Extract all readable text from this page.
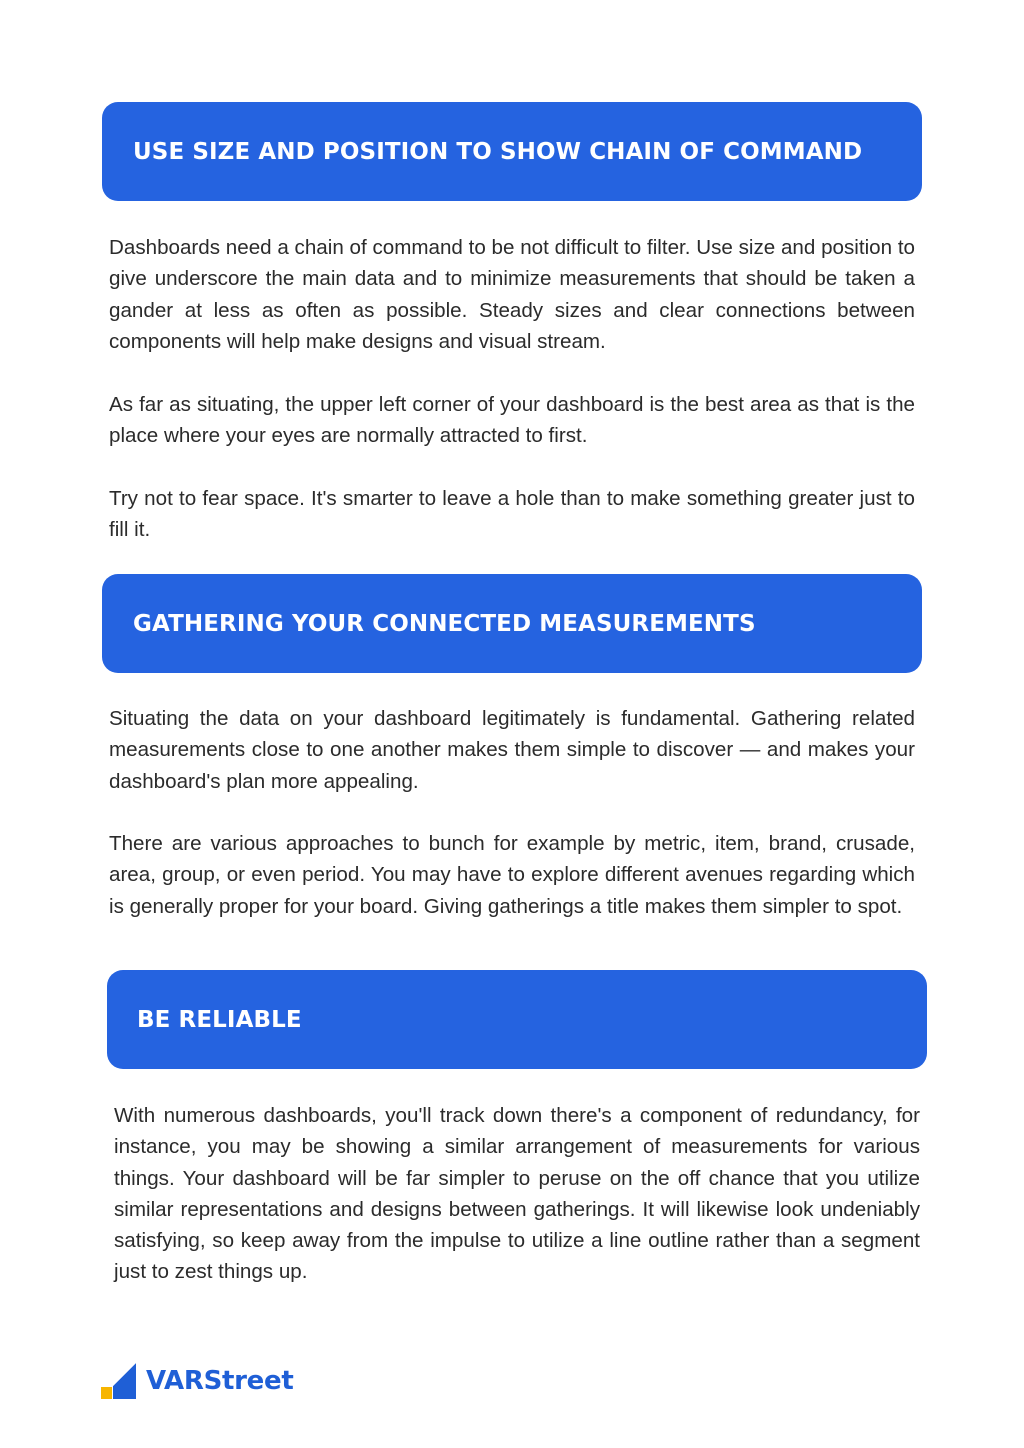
USE SIZE AND POSITION TO SHOW CHAIN OF COMMAND

Dashboards need a chain of command to be not difficult to filter. Use size and position to give underscore the main data and to minimize measurements that should be taken a gander at less as often as possible. Steady sizes and clear connections between components will help make designs and visual stream.

As far as situating, the upper left corner of your dashboard is the best area as that is the place where your eyes are normally attracted to first.

Try not to fear space. It's smarter to leave a hole than to make something greater just to fill it.

GATHERING YOUR CONNECTED MEASUREMENTS

Situating the data on your dashboard legitimately is fundamental. Gathering related measurements close to one another makes them simple to discover — and makes your dashboard's plan more appealing.

There are various approaches to bunch for example by metric, item, brand, crusade, area, group, or even period. You may have to explore different avenues regarding which is generally proper for your board. Giving gatherings a title makes them simpler to spot.

BE RELIABLE

With numerous dashboards, you'll track down there's a component of redundancy, for instance, you may be showing a similar arrangement of measurements for various things. Your dashboard will be far simpler to peruse on the off chance that you utilize similar representations and designs between gatherings. It will likewise look undeniably satisfying, so keep away from the impulse to utilize a line outline rather than a segment just to zest things up.

VARStreet
